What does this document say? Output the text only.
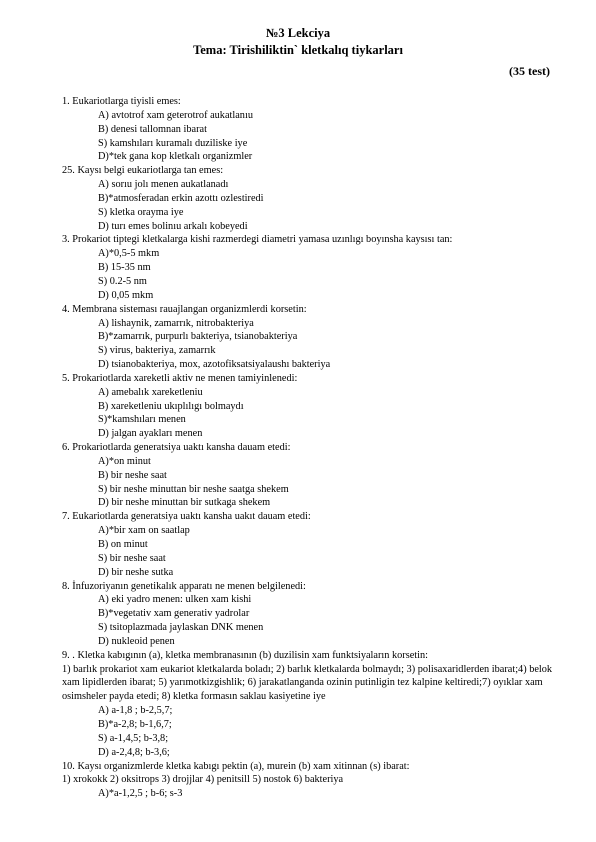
№3 Lekciya
Tema: Tirishiliktin` kletkalıq tiykarları
(35 test)
1. Eukariotlarga tiyisli emes:
A) avtotrof xam geterotrof aukatlanıu
B) denesi tallomnan ibarat
S) kamshıları kuramalı duziliske iye
D)*tek gana kop kletkalı organizmler
25. Kaysı belgi eukariotlarga tan emes:
A) sorıu jolı menen aukatlanadı
B)*atmosferadan erkin azottı ozlestiredi
S) kletka orayma iye
D) turı emes bolinıu arkalı kobeyedi
3. Prokariot tiptegi kletkalarga kishi razmerdegi diametri yamasa uzınlıgı boyınsha kaysısı tan:
A)*0,5-5 mkm
B) 15-35 nm
S) 0.2-5 nm
D) 0,05 mkm
4. Membrana sisteması rauajlangan organizmlerdi korsetin:
A) lishaynik, zamarrık, nitrobakteriya
B)*zamarrık, purpurlı bakteriya, tsianobakteriya
S) virus, bakteriya, zamarrık
D) tsianobakteriya, mox, azotofiksatsiyalaushı bakteriya
5. Prokariotlarda xareketli aktiv ne menen tamiyinlenedi:
A) amebalık xareketleniu
B) xareketleniu ukıplılıgı bolmaydı
S)*kamshıları menen
D) jalgan ayakları menen
6. Prokariotlarda generatsiya uaktı kansha dauam etedi:
A)*on minut
B) bir neshe saat
S) bir neshe minuttan bir neshe saatga shekem
D) bir neshe minuttan bir sutkaga shekem
7. Eukariotlarda generatsiya uaktı kansha uakıt dauam etedi:
A)*bir xam on saatlap
B) on minut
S) bir neshe saat
D) bir neshe sutka
8. İnfuzoriyanın genetikalık apparatı ne menen belgilenedi:
A) eki yadro menen: ulken xam kishi
B)*vegetativ xam generativ yadrolar
S) tsitoplazmada jaylaskan DNK menen
D) nukleoid penen
9. . Kletka kabıgının (a), kletka membranasının (b) duzilisin xam funktsiyaların korsetin:
1) barlık prokariot xam eukariot kletkalarda boladı; 2) barlık kletkalarda bolmaydı; 3) polisaxaridlerden ibarat;4) belok xam lipidlerden ibarat; 5) yarımotkizgishlik; 6) jarakatlanganda ozinin putinligin tez kalpine keltiredi;7) oyıklar xam osimsheler payda etedi; 8) kletka formasın saklau kasiyetine iye
A) a-1,8 ; b-2,5,7;
B)*a-2,8; b-1,6,7;
S) a-1,4,5; b-3,8;
D) a-2,4,8; b-3,6;
10. Kaysı organizmlerde kletka kabıgı pektin (a), murein (b) xam xitinnan (s) ibarat:
1) xrokokk 2) oksitrops 3) drojjlar 4) penitsill 5) nostok 6) bakteriya
A)*a-1,2,5 ; b-6; s-3
